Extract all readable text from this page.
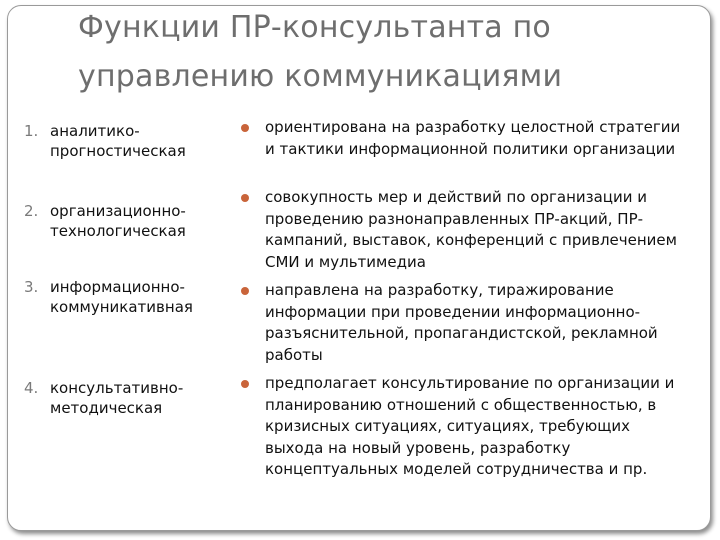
Функции ПР-консультанта по
управлению коммуникациями
1. аналитико-прогностическая
2. организационно-технологическая
3. информационно-коммуникативная
4. консультативно-методическая
ориентирована на разработку целостной стратегии и тактики информационной политики организации
совокупность мер и действий по организации и проведению разнонаправленных ПР-акций, ПР-кампаний, выставок, конференций с привлечением СМИ и мультимедиа
направлена на разработку, тиражирование информации при проведении информационно-разъяснительной, пропагандистской, рекламной работы
предполагает консультирование по организации и планированию отношений с общественностью, в кризисных ситуациях, ситуациях, требующих выхода на новый уровень, разработку концептуальных моделей сотрудничества и пр.
